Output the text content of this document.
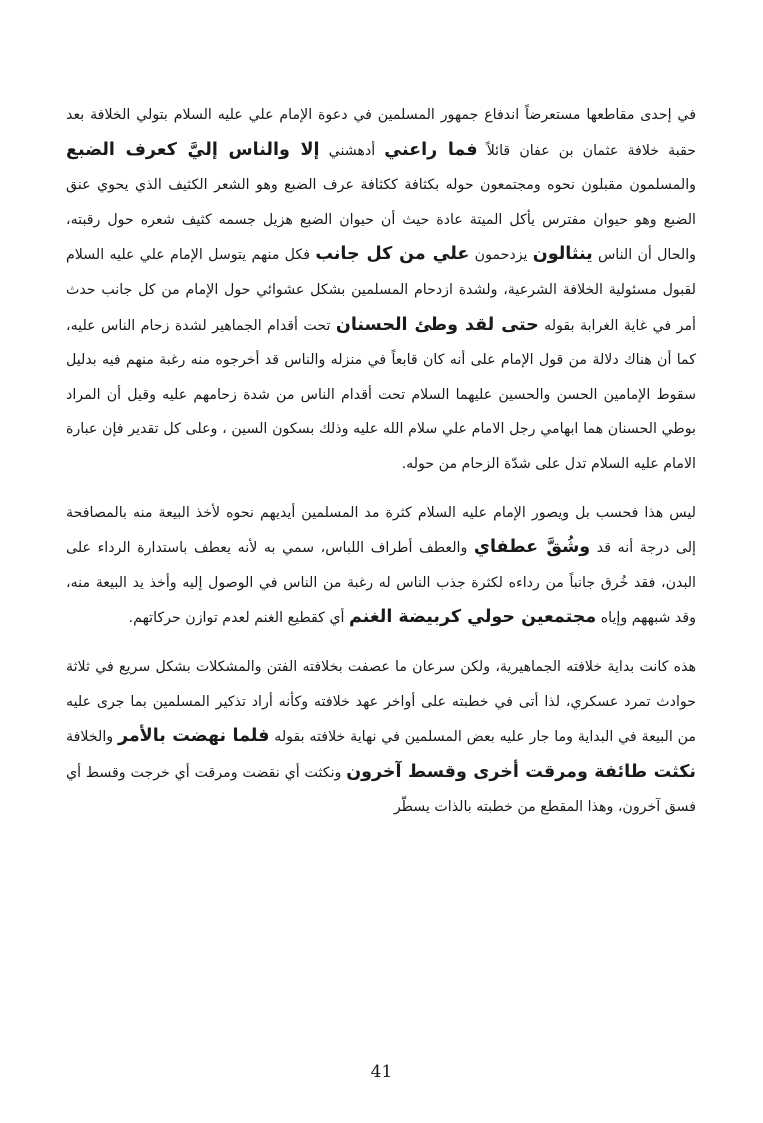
في إحدى مقاطعها مستعرضاً اندفاع جمهور المسلمين في دعوة الإمام علي عليه السلام بتولي الخلافة بعد حقبة خلافة عثمان بن عفان قائلاً فما راعني أدهشني إلا والناس إليَّ كعرف الضبع والمسلمون مقبلون نحوه ومجتمعون حوله بكثافة ككثافة عرف الضبع وهو الشعر الكثيف الذي يحوي عنق الضبع وهو حيوان مفترس يأكل الميتة عادة حيث أن حيوان الضبع هزيل جسمه كثيف شعره حول رقبته، والحال أن الناس ينثالون يزدحمون علي من كل جانب فكل منهم يتوسل الإمام علي عليه السلام لقبول مسئولية الخلافة الشرعية، ولشدة ازدحام المسلمين بشكل عشوائي حول الإمام من كل جانب حدث أمر في غاية الغرابة بقوله حتى لقد وطئ الحسنان تحت أقدام الجماهير لشدة زحام الناس عليه، كما أن هناك دلالة من قول الإمام على أنه كان قابعاً في منزله والناس قد أخرجوه منه رغبة منهم فيه بدليل سقوط الإمامين الحسن والحسين عليهما السلام تحت أقدام الناس من شدة زحامهم عليه وقيل أن المراد بوطي الحسنان هما ابهامي رجل الامام علي سلام الله عليه وذلك بسكون السين ، وعلى كل تقدير فإن عبارة الامام عليه السلام تدل على شدّة الزحام من حوله.

ليس هذا فحسب بل ويصور الإمام عليه السلام كثرة مد المسلمين أيديهم نحوه لأخذ البيعة منه بالمصافحة إلى درجة أنه قد وشُقَّ عطفاي والعطف أطراف اللباس، سمي به لأنه يعطف باستدارة الرداء على البدن، فقد خُرق جانباً من رداءه لكثرة جذب الناس له رغبة من الناس في الوصول إليه وأخذ يد البيعة منه، وقد شبههم وإياه مجتمعين حولي كربيضة الغنم أي كقطيع الغنم لعدم توازن حركاتهم.

هذه كانت بداية خلافته الجماهيرية، ولكن سرعان ما عصفت بخلافته الفتن والمشكلات بشكل سريع في ثلاثة حوادث تمرد عسكري، لذا أتى في خطبته على أواخر عهد خلافته وكأنه أراد تذكير المسلمين بما جرى عليه من البيعة في البداية وما جار عليه بعض المسلمين في نهاية خلافته بقوله فلما نهضت بالأمر والخلافة نكثت طائفة ومرقت أخرى وقسط آخرون ونكثت أي نقضت ومرقت أي خرجت وقسط أي فسق آخرون، وهذا المقطع من خطبته بالذات يسطّر

41
